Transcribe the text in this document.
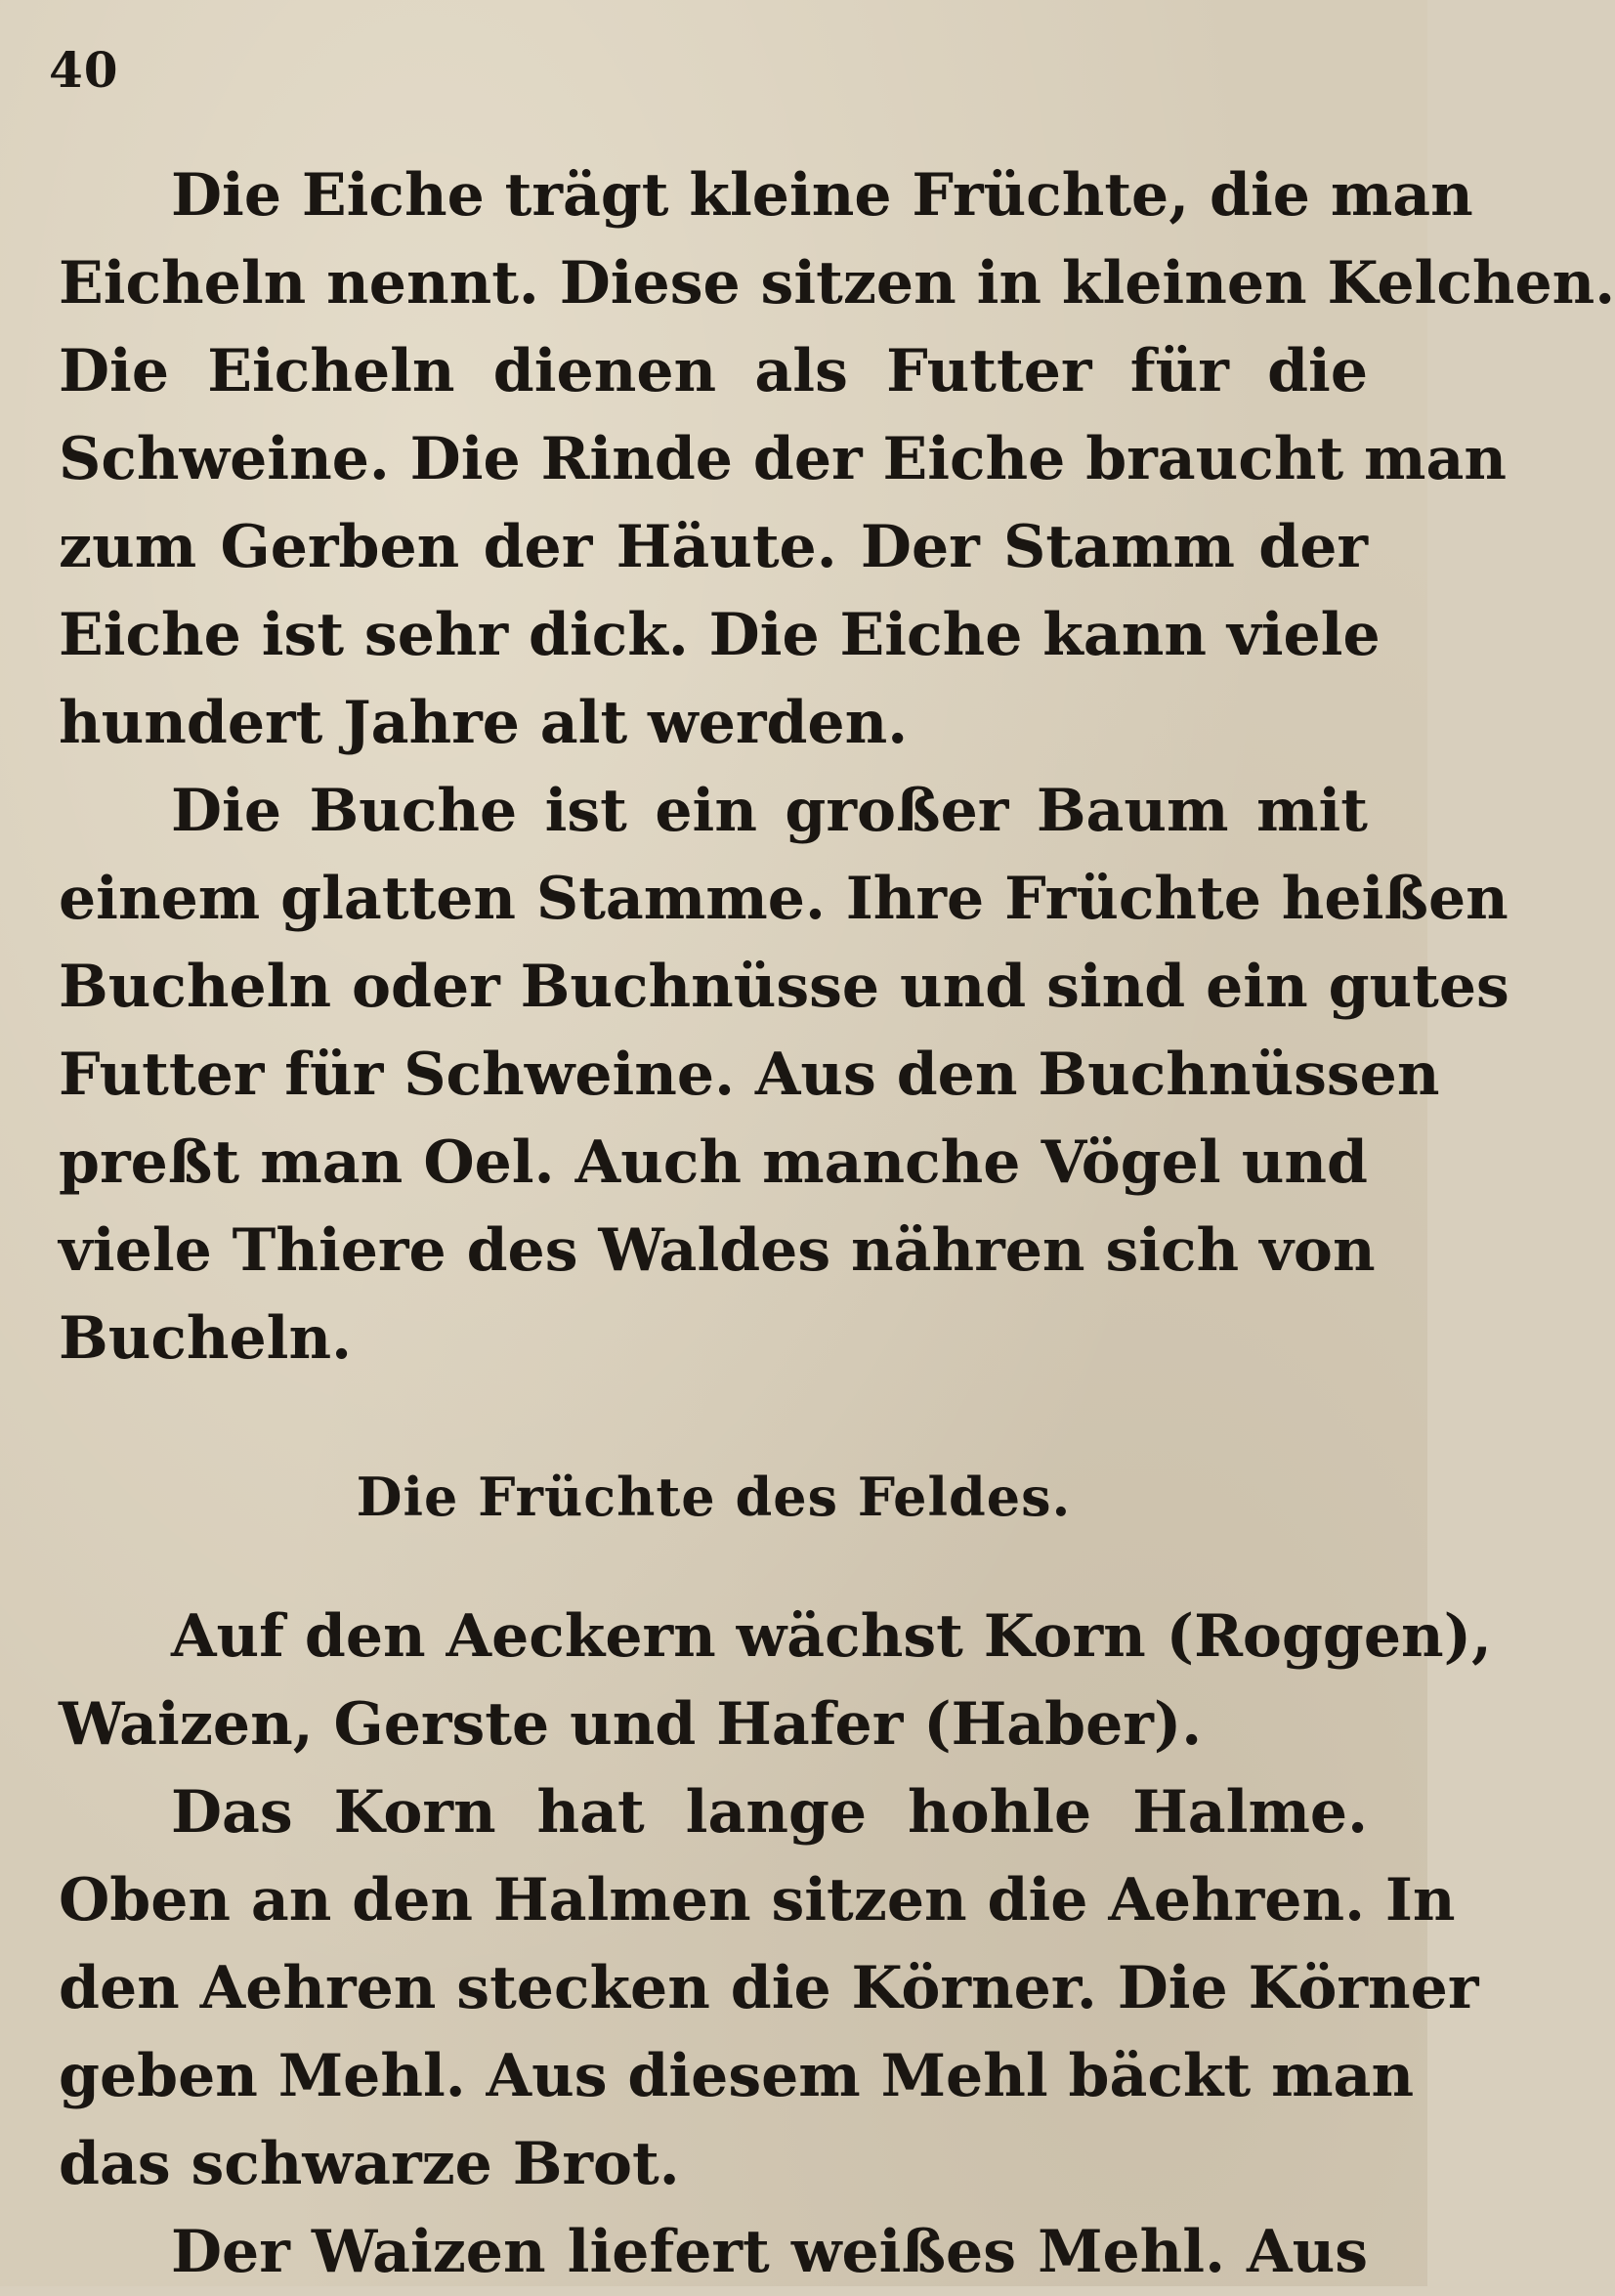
40
Die Eiche trägt kleine Früchte, die man
Eicheln nennt. Diese sitzen in kleinen Kelchen.
Die Eicheln dienen als Futter für die
Schweine. Die Rinde der Eiche braucht man
zum Gerben der Häute. Der Stamm der
Eiche ist sehr dick. Die Eiche kann viele
hundert Jahre alt werden.
Die Buche ist ein großer Baum mit
einem glatten Stamme. Ihre Früchte heißen
Bucheln oder Buchnüsse und sind ein gutes
Futter für Schweine. Aus den Buchnüssen
preßt man Oel. Auch manche Vögel und
viele Thiere des Waldes nähren sich von
Bucheln.
Die Früchte des Feldes.
Auf den Aeckern wächst Korn (Roggen),
Waizen, Gerste und Hafer (Haber).
Das Korn hat lange hohle Halme.
Oben an den Halmen sitzen die Aehren. In
den Aehren stecken die Körner. Die Körner
geben Mehl. Aus diesem Mehl bäckt man
das schwarze Brot.
Der Waizen liefert weißes Mehl. Aus
